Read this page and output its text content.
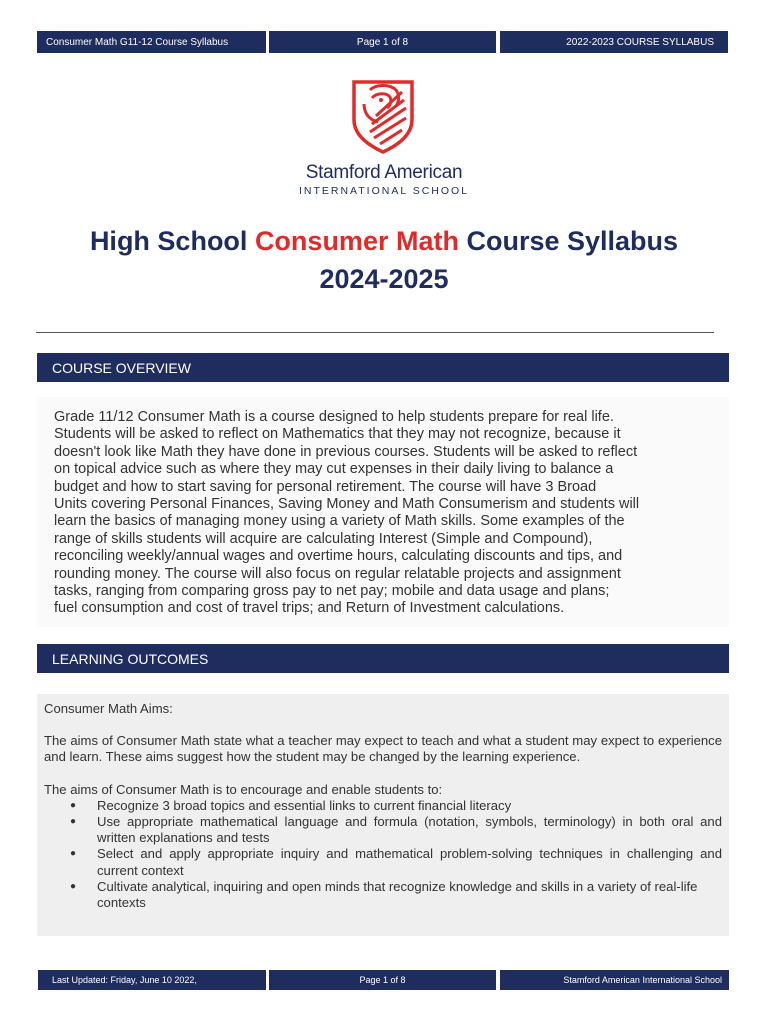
Consumer Math G11-12 Course Syllabus	Page 1 of 8	2022-2023 COURSE SYLLABUS
Stamford American
INTERNATIONAL SCHOOL
High School Consumer Math Course Syllabus
2024-2025
COURSE OVERVIEW
Grade 11/12 Consumer Math is a course designed to help students prepare for real life.
Students will be asked to reflect on Mathematics that they may not recognize, because it
doesn't look like Math they have done in previous courses. Students will be asked to reflect
on topical advice such as where they may cut expenses in their daily living to balance a
budget and how to start saving for personal retirement. The course will have 3 Broad
Units covering Personal Finances, Saving Money and Math Consumerism and students will
learn the basics of managing money using a variety of Math skills. Some examples of the
range of skills students will acquire are calculating Interest (Simple and Compound),
reconciling weekly/annual wages and overtime hours, calculating discounts and tips, and
rounding money. The course will also focus on regular relatable projects and assignment
tasks, ranging from comparing gross pay to net pay; mobile and data usage and plans;
fuel consumption and cost of travel trips; and Return of Investment calculations.
LEARNING OUTCOMES

Consumer Math Aims:

The aims of Consumer Math state what a teacher may expect to teach and what a student may expect to experience and learn. These aims suggest how the student may be changed by the learning experience.

The aims of Consumer Math is to encourage and enable students to:

● Recognize 3 broad topics and essential links to current financial literacy
● Use appropriate mathematical language and formula (notation, symbols, terminology) in both oral and written explanations and tests
● Select and apply appropriate inquiry and mathematical problem-solving techniques in challenging and current context
● Cultivate analytical, inquiring and open minds that recognize knowledge and skills in a variety of real-life contexts
Last Updated: Friday, June 10 2022,	Page 1 of 8	Stamford American International School
